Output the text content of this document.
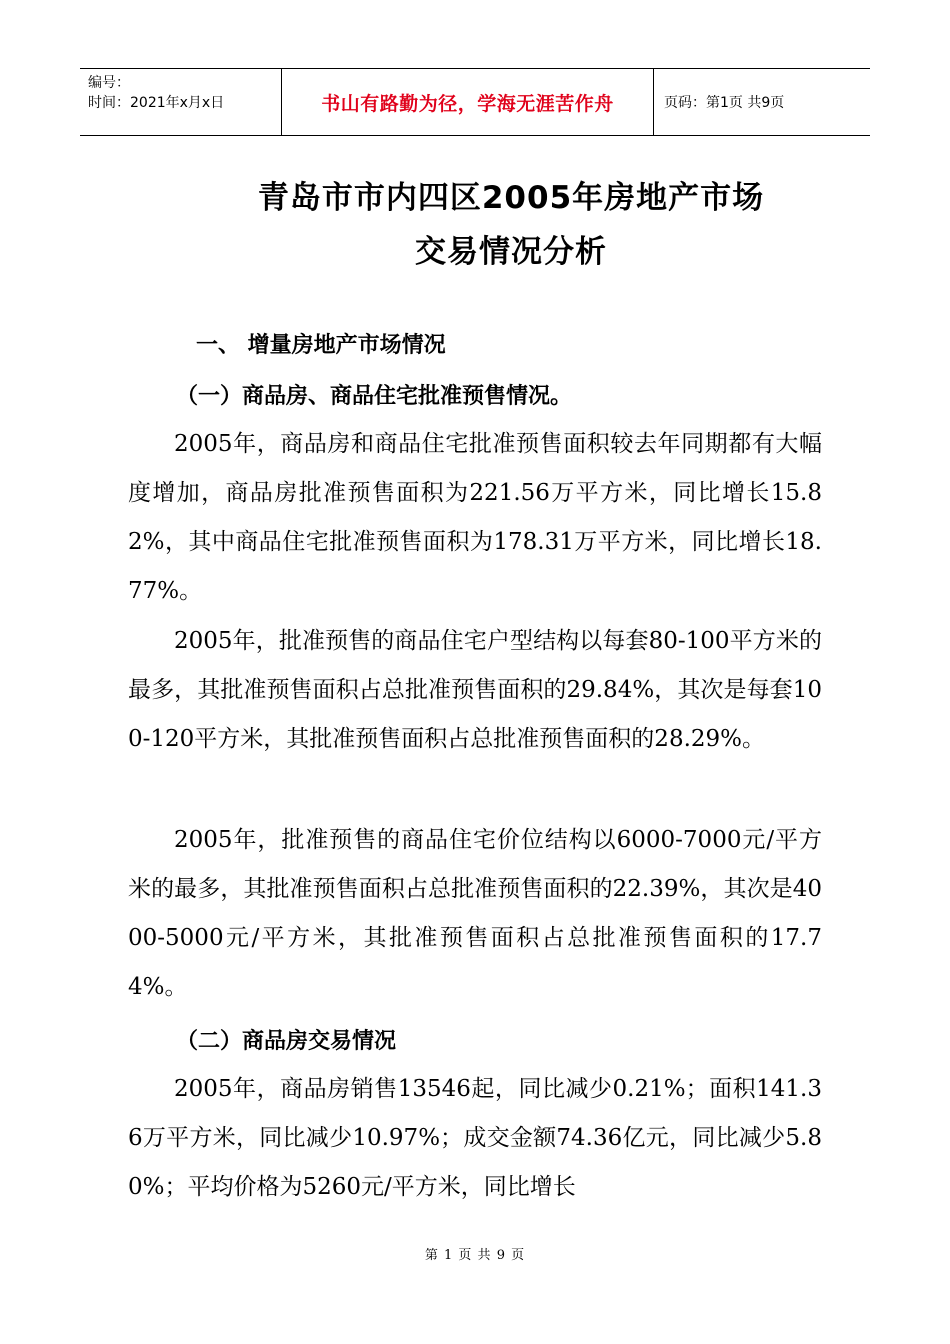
编号：
时间：2021年x月x日	书山有路勤为径，学海无涯苦作舟	页码：第1页 共9页
青岛市市内四区2005年房地产市场
交易情况分析
一、 增量房地产市场情况
（一）商品房、商品住宅批准预售情况。

2005年，商品房和商品住宅批准预售面积较去年同期都有大幅度增加，商品房批准预售面积为221.56万平方米，同比增长15.82%，其中商品住宅批准预售面积为178.31万平方米，同比增长18.77%。

2005年，批准预售的商品住宅户型结构以每套80-100平方米的最多，其批准预售面积占总批准预售面积的29.84%，其次是每套100-120平方米，其批准预售面积占总批准预售面积的28.29%。

2005年，批准预售的商品住宅价位结构以6000-7000元/平方米的最多，其批准预售面积占总批准预售面积的22.39%，其次是4000-5000元/平方米，其批准预售面积占总批准预售面积的17.74%。

（二）商品房交易情况

2005年，商品房销售13546起，同比减少0.21%；面积141.36万平方米，同比减少10.97%；成交金额74.36亿元，同比减少5.80%；平均价格为5260元/平方米，同比增长

第 1 页 共 9 页
